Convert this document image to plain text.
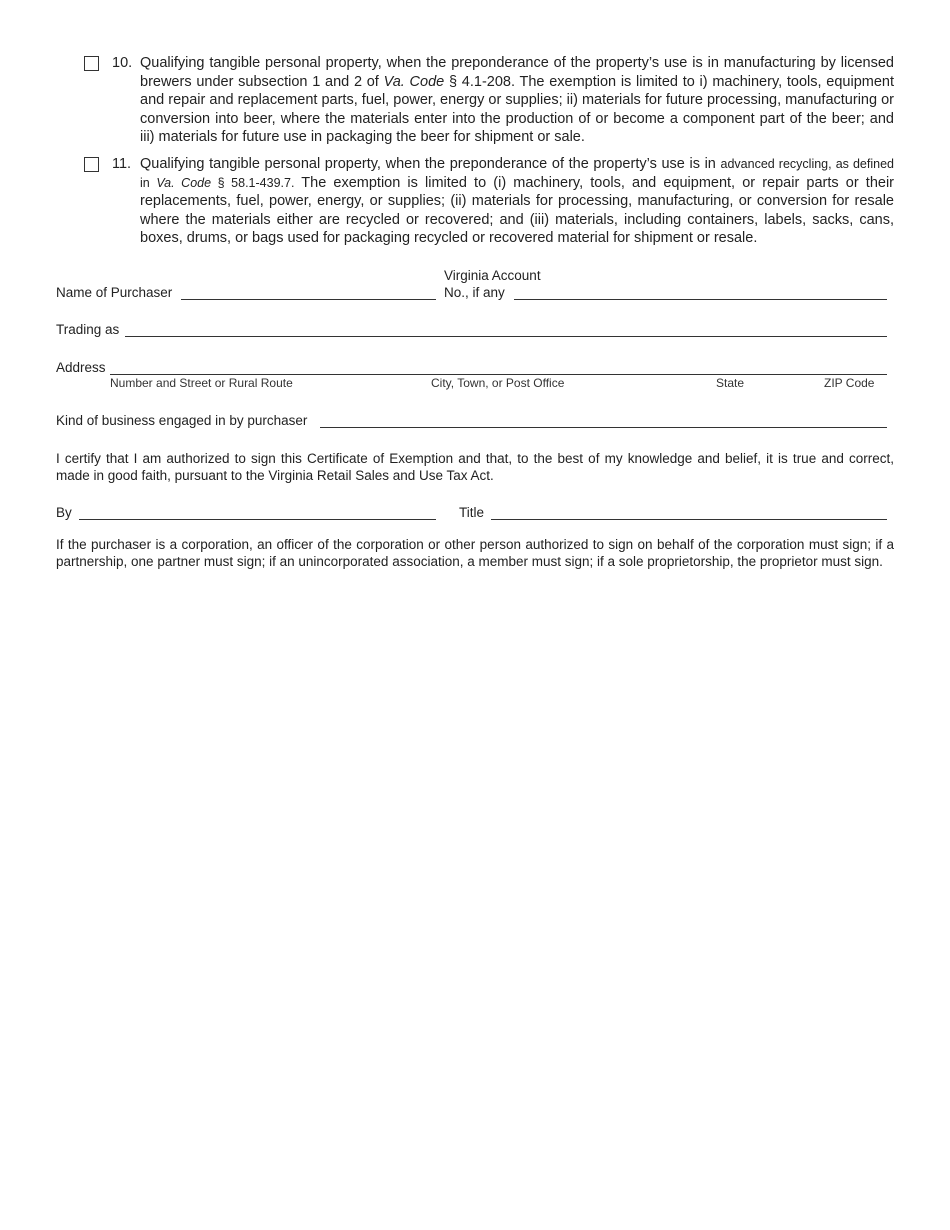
10. Qualifying tangible personal property, when the preponderance of the property’s use is in manufacturing by licensed brewers under subsection 1 and 2 of Va. Code § 4.1-208. The exemption is limited to i) machinery, tools, equipment and repair and replacement parts, fuel, power, energy or supplies; ii) materials for future processing, manufacturing or conversion into beer, where the materials enter into the production of or become a component part of the beer; and iii) materials for future use in packaging the beer for shipment or sale.
11. Qualifying tangible personal property, when the preponderance of the property’s use is in advanced recycling, as defined in Va. Code § 58.1-439.7. The exemption is limited to (i) machinery, tools, and equipment, or repair parts or their replacements, fuel, power, energy, or supplies; (ii) materials for processing, manufacturing, or conversion for resale where the materials either are recycled or recovered; and (iii) materials, including containers, labels, sacks, cans, boxes, drums, or bags used for packaging recycled or recovered material for shipment or resale.
Name of Purchaser
Virginia Account
No., if any
Trading as
Address
Number and Street or Rural Route	City, Town, or Post Office	State	ZIP Code
Kind of business engaged in by purchaser
I certify that I am authorized to sign this Certificate of Exemption and that, to the best of my knowledge and belief, it is true and correct, made in good faith, pursuant to the Virginia Retail Sales and Use Tax Act.
By	Title
If the purchaser is a corporation, an officer of the corporation or other person authorized to sign on behalf of the corporation must sign; if a partnership, one partner must sign; if an unincorporated association, a member must sign; if a sole proprietorship, the proprietor must sign.
